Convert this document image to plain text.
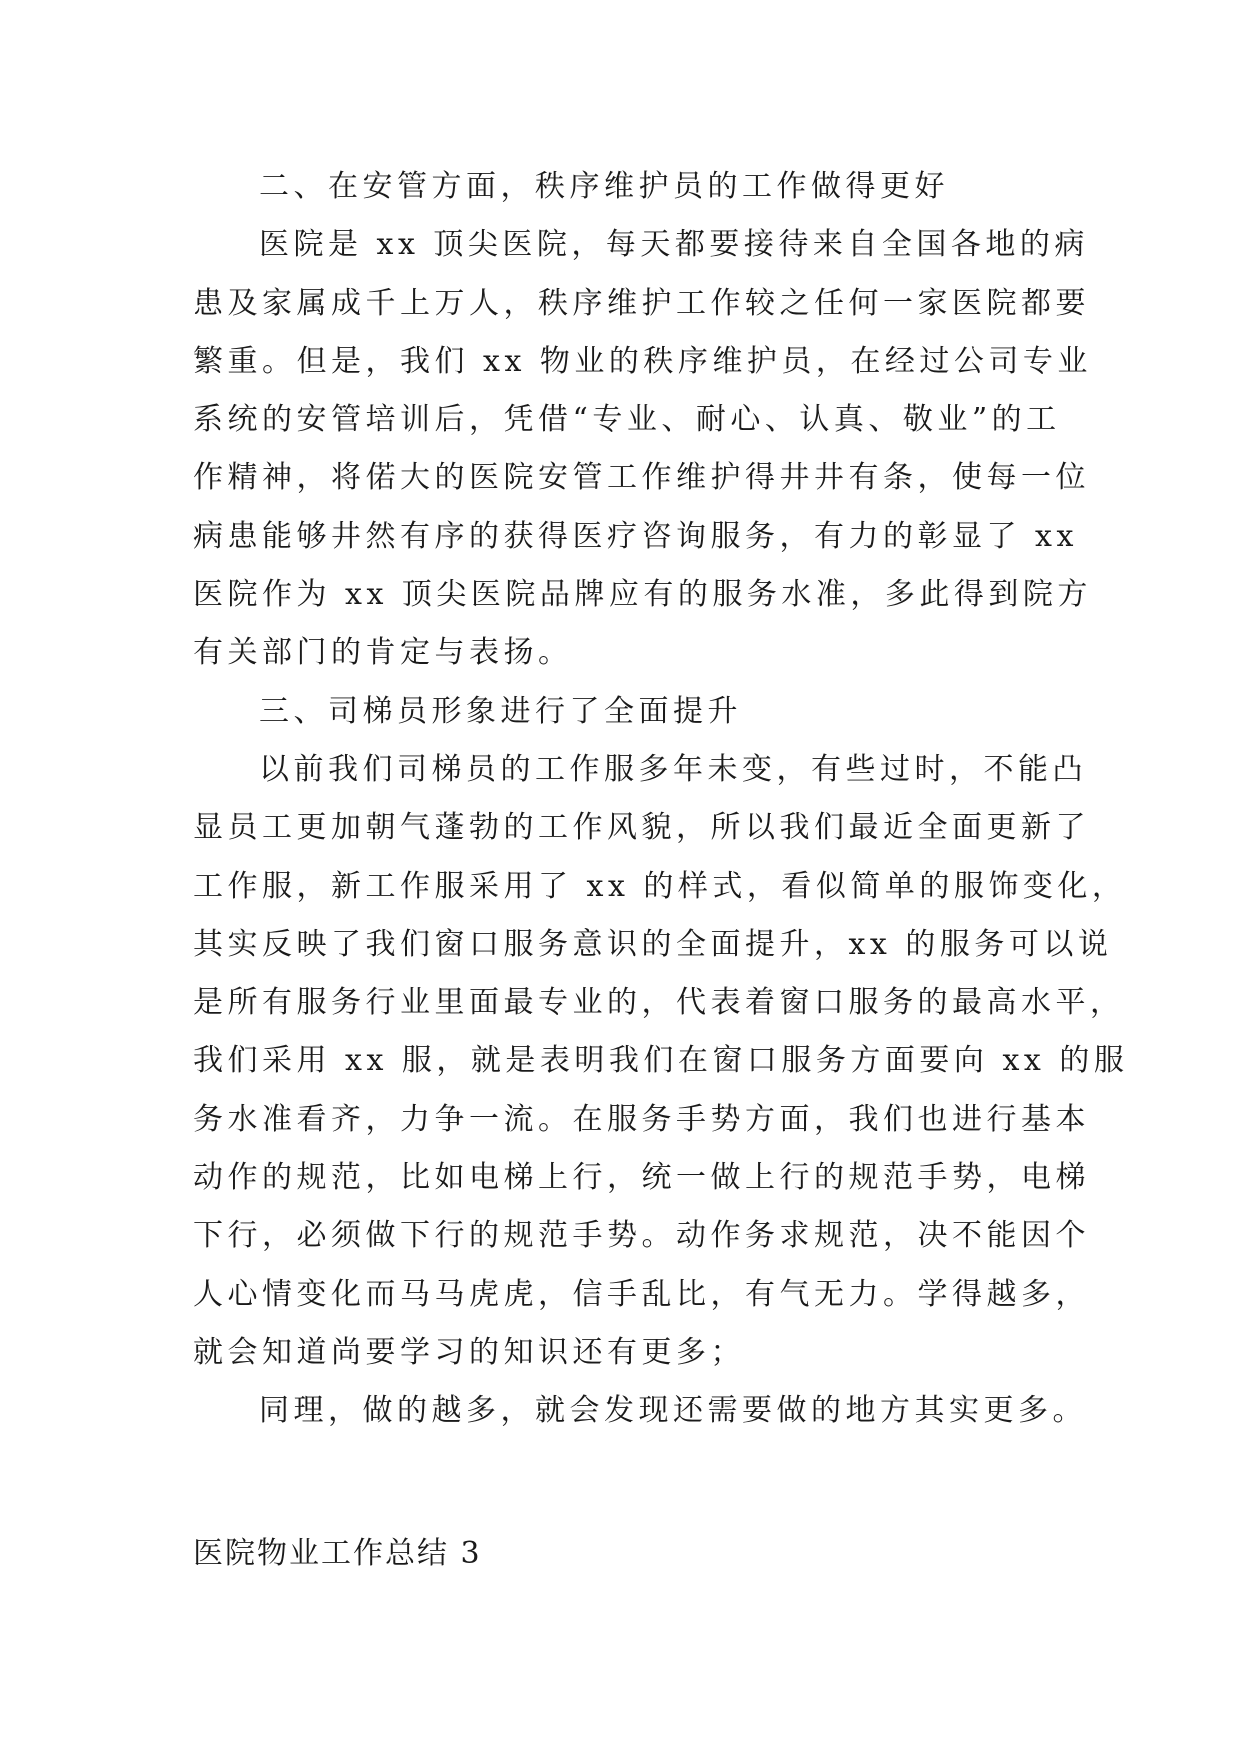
二、在安管方面，秩序维护员的工作做得更好
医院是 xx 顶尖医院，每天都要接待来自全国各地的病
患及家属成千上万人，秩序维护工作较之任何一家医院都要
繁重。但是，我们 xx 物业的秩序维护员，在经过公司专业
系统的安管培训后，凭借“专业、耐心、认真、敬业”的工
作精神，将偌大的医院安管工作维护得井井有条，使每一位
病患能够井然有序的获得医疗咨询服务，有力的彰显了 xx
医院作为 xx 顶尖医院品牌应有的服务水准，多此得到院方
有关部门的肯定与表扬。
三、司梯员形象进行了全面提升
以前我们司梯员的工作服多年未变，有些过时，不能凸
显员工更加朝气蓬勃的工作风貌，所以我们最近全面更新了
工作服，新工作服采用了 xx 的样式，看似简单的服饰变化，
其实反映了我们窗口服务意识的全面提升，xx 的服务可以说
是所有服务行业里面最专业的，代表着窗口服务的最高水平，
我们采用 xx 服，就是表明我们在窗口服务方面要向 xx 的服
务水准看齐，力争一流。在服务手势方面，我们也进行基本
动作的规范，比如电梯上行，统一做上行的规范手势，电梯
下行，必须做下行的规范手势。动作务求规范，决不能因个
人心情变化而马马虎虎，信手乱比，有气无力。学得越多，
就会知道尚要学习的知识还有更多；
同理，做的越多，就会发现还需要做的地方其实更多。
医院物业工作总结 3
